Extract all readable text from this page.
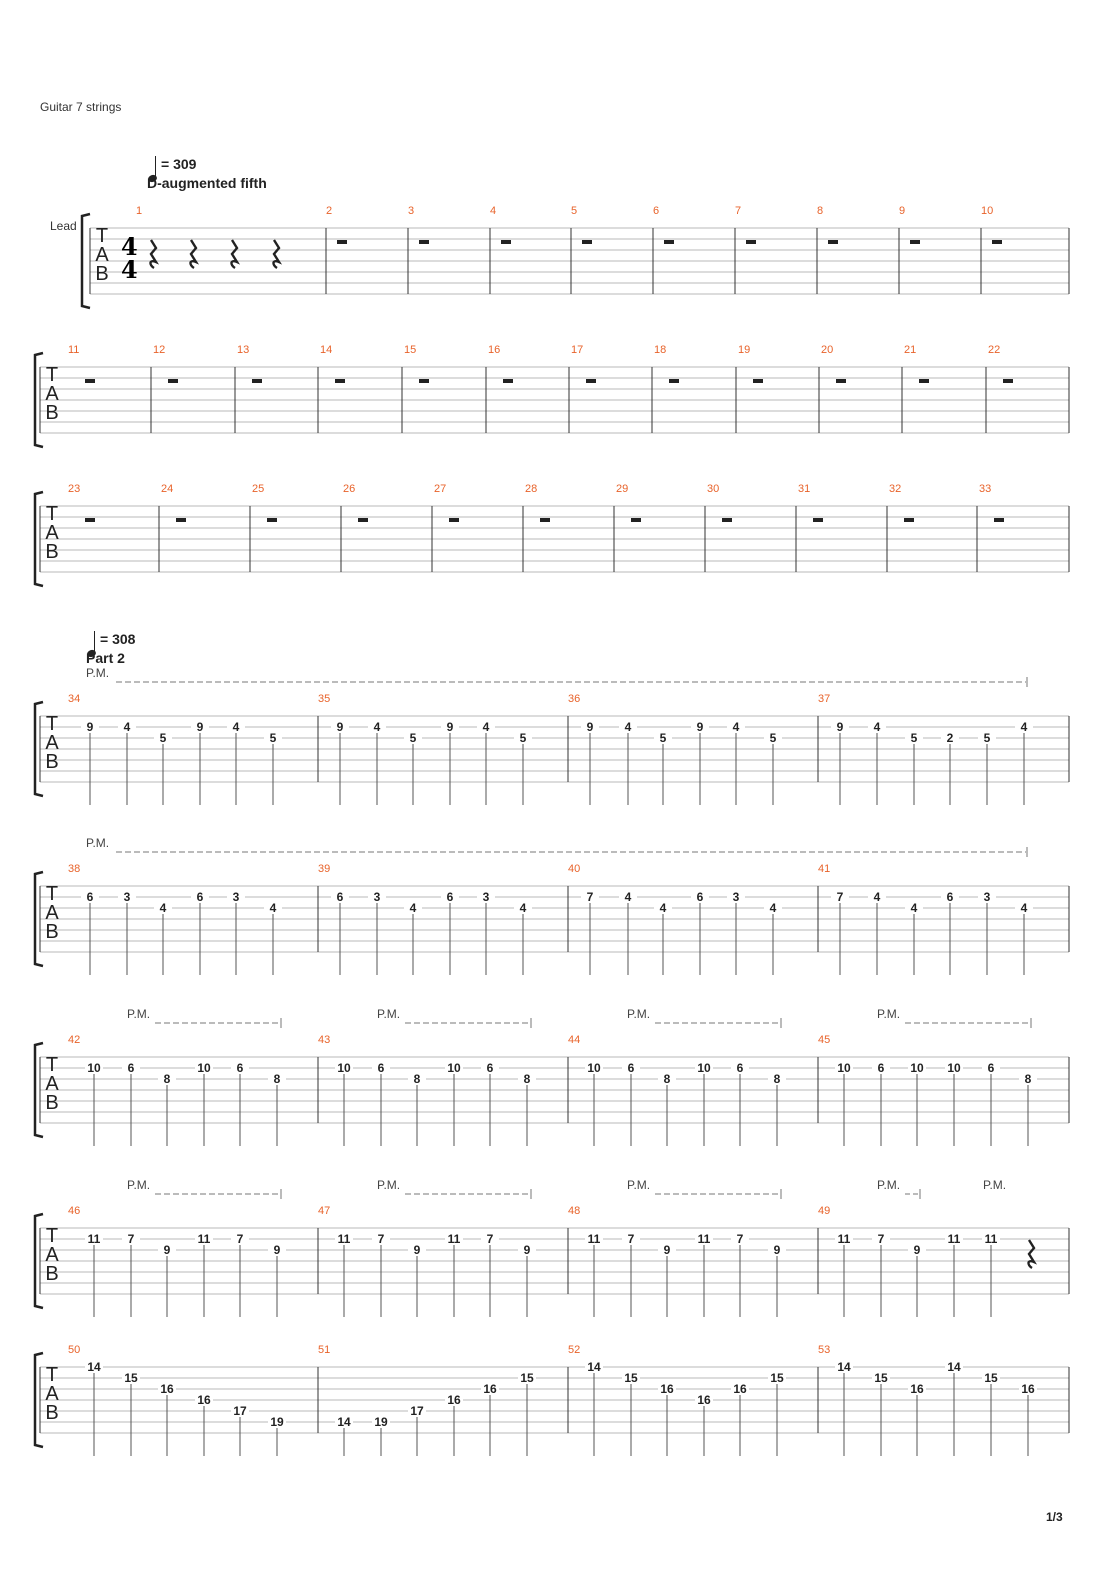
Guitar 7 strings
1/3
Lead
= 309
D-augmented fifth
= 308
Part 2
T
A
B
T
A
B
T
A
B
T
A
B
T
A
B
T
A
B
T
A
B
T
A
B
4
4
1	2	3	4	5	6	7	8	9	10
11	12	13	14	15	16	17	18	19	20	21	22
23	24	25	26	27	28	29	30	31	32	33
34
9	4
5
9	4
5
35
9	4
5
9	4
5
36
9	4
5
9	4
5
37
9	4
5	2	5
4
P.M.
38
6	3
4
6	3
4
39
6	3
4
6	3
4
40
7	4
4
6	3
4
41
7	4
4
6	3
4
P.M.
42
10	6
8
10	6
8
43
10	6
8
10	6
8
44
10	6
8
10	6
8
45
10	6	10	10	6
8
P.M.	P.M.	P.M.	P.M.
46
11	7
9
11	7
9
47
11	7
9
11	7
9
48
11	7
9
11	7
9
49
11	7
9
11	11
P.M.	P.M.	P.M.	P.M.	P.M.
50
14
15
16
16
17
19
51
14	19
17
16
16
15
52
14
15
16
16
16
15
53
14
15
16
14
15
16
